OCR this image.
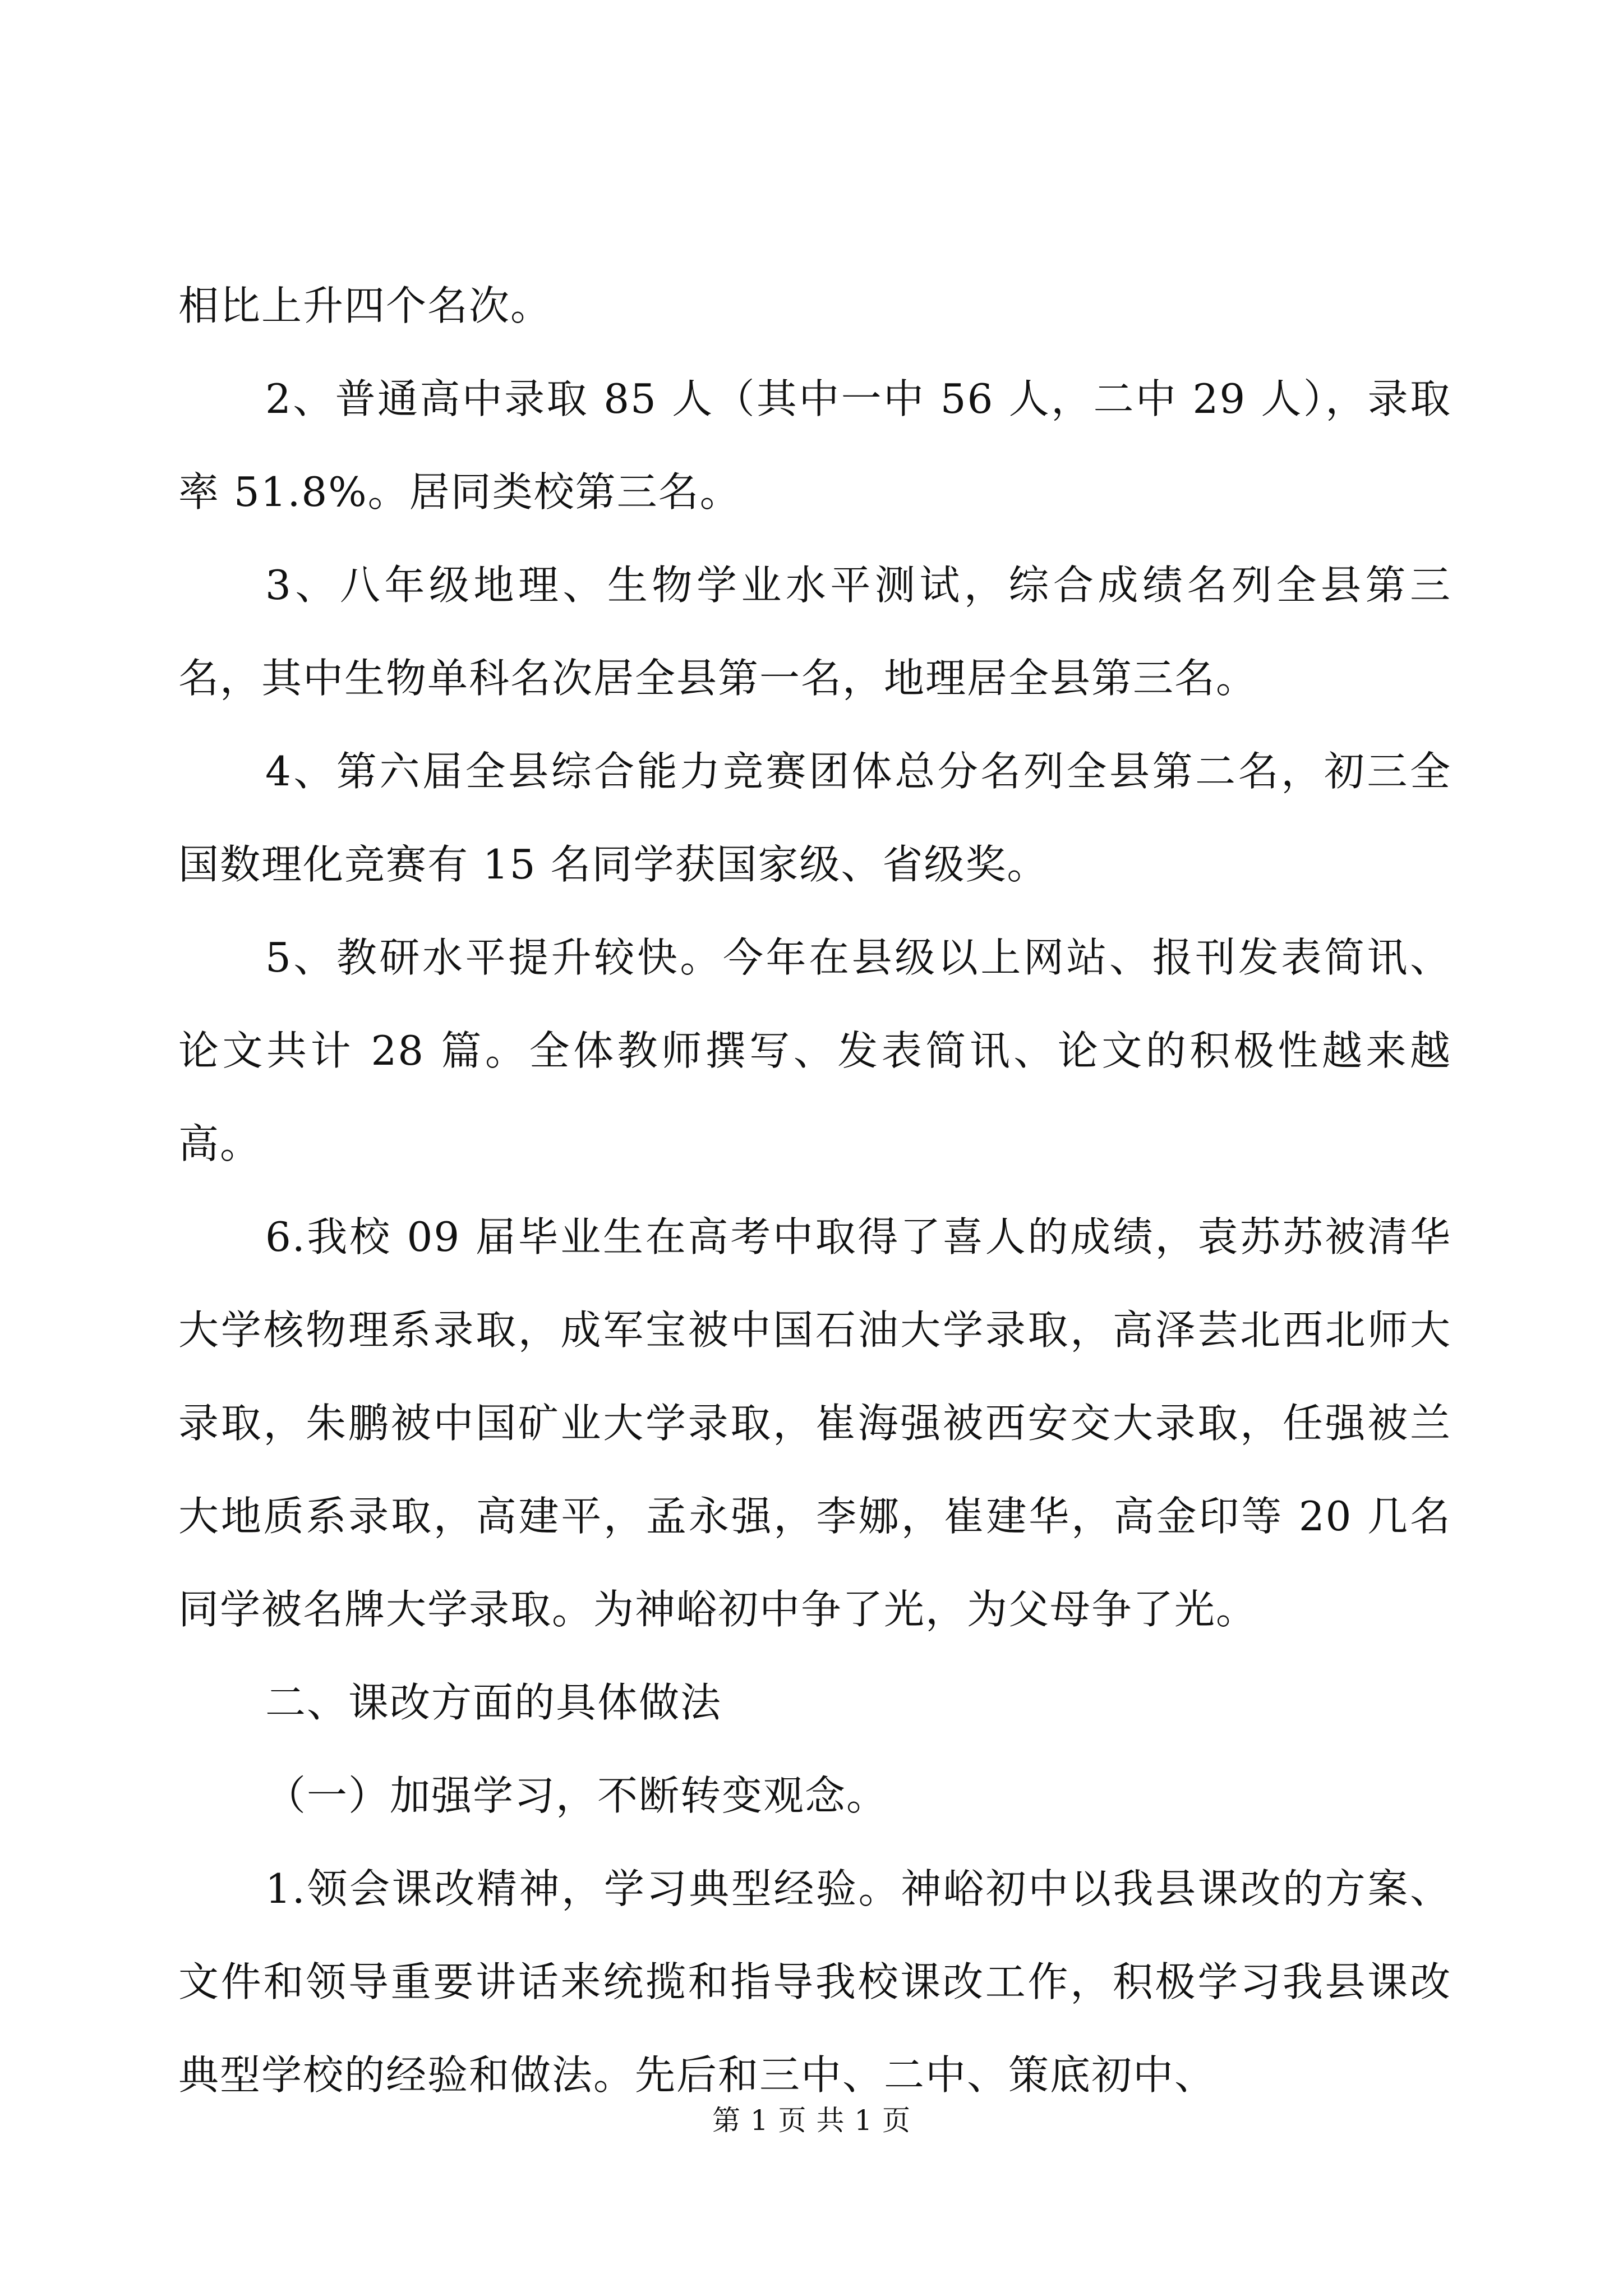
相比上升四个名次。

2、普通高中录取 85 人（其中一中 56 人，二中 29 人），录取率 51.8%。居同类校第三名。

3、八年级地理、生物学业水平测试，综合成绩名列全县第三名，其中生物单科名次居全县第一名，地理居全县第三名。

4、第六届全县综合能力竞赛团体总分名列全县第二名，初三全国数理化竞赛有 15 名同学获国家级、省级奖。

5、教研水平提升较快。今年在县级以上网站、报刊发表简讯、论文共计 28 篇。全体教师撰写、发表简讯、论文的积极性越来越高。

6.我校 09 届毕业生在高考中取得了喜人的成绩，袁苏苏被清华大学核物理系录取，成军宝被中国石油大学录取，高泽芸北西北师大录取，朱鹏被中国矿业大学录取，崔海强被西安交大录取，任强被兰大地质系录取，高建平，孟永强，李娜，崔建华，高金印等 20 几名同学被名牌大学录取。为神峪初中争了光，为父母争了光。

二、课改方面的具体做法

（一）加强学习，不断转变观念。

1.领会课改精神，学习典型经验。神峪初中以我县课改的方案、文件和领导重要讲话来统揽和指导我校课改工作，积极学习我县课改典型学校的经验和做法。先后和三中、二中、策底初中、

第 1 页 共 1 页
